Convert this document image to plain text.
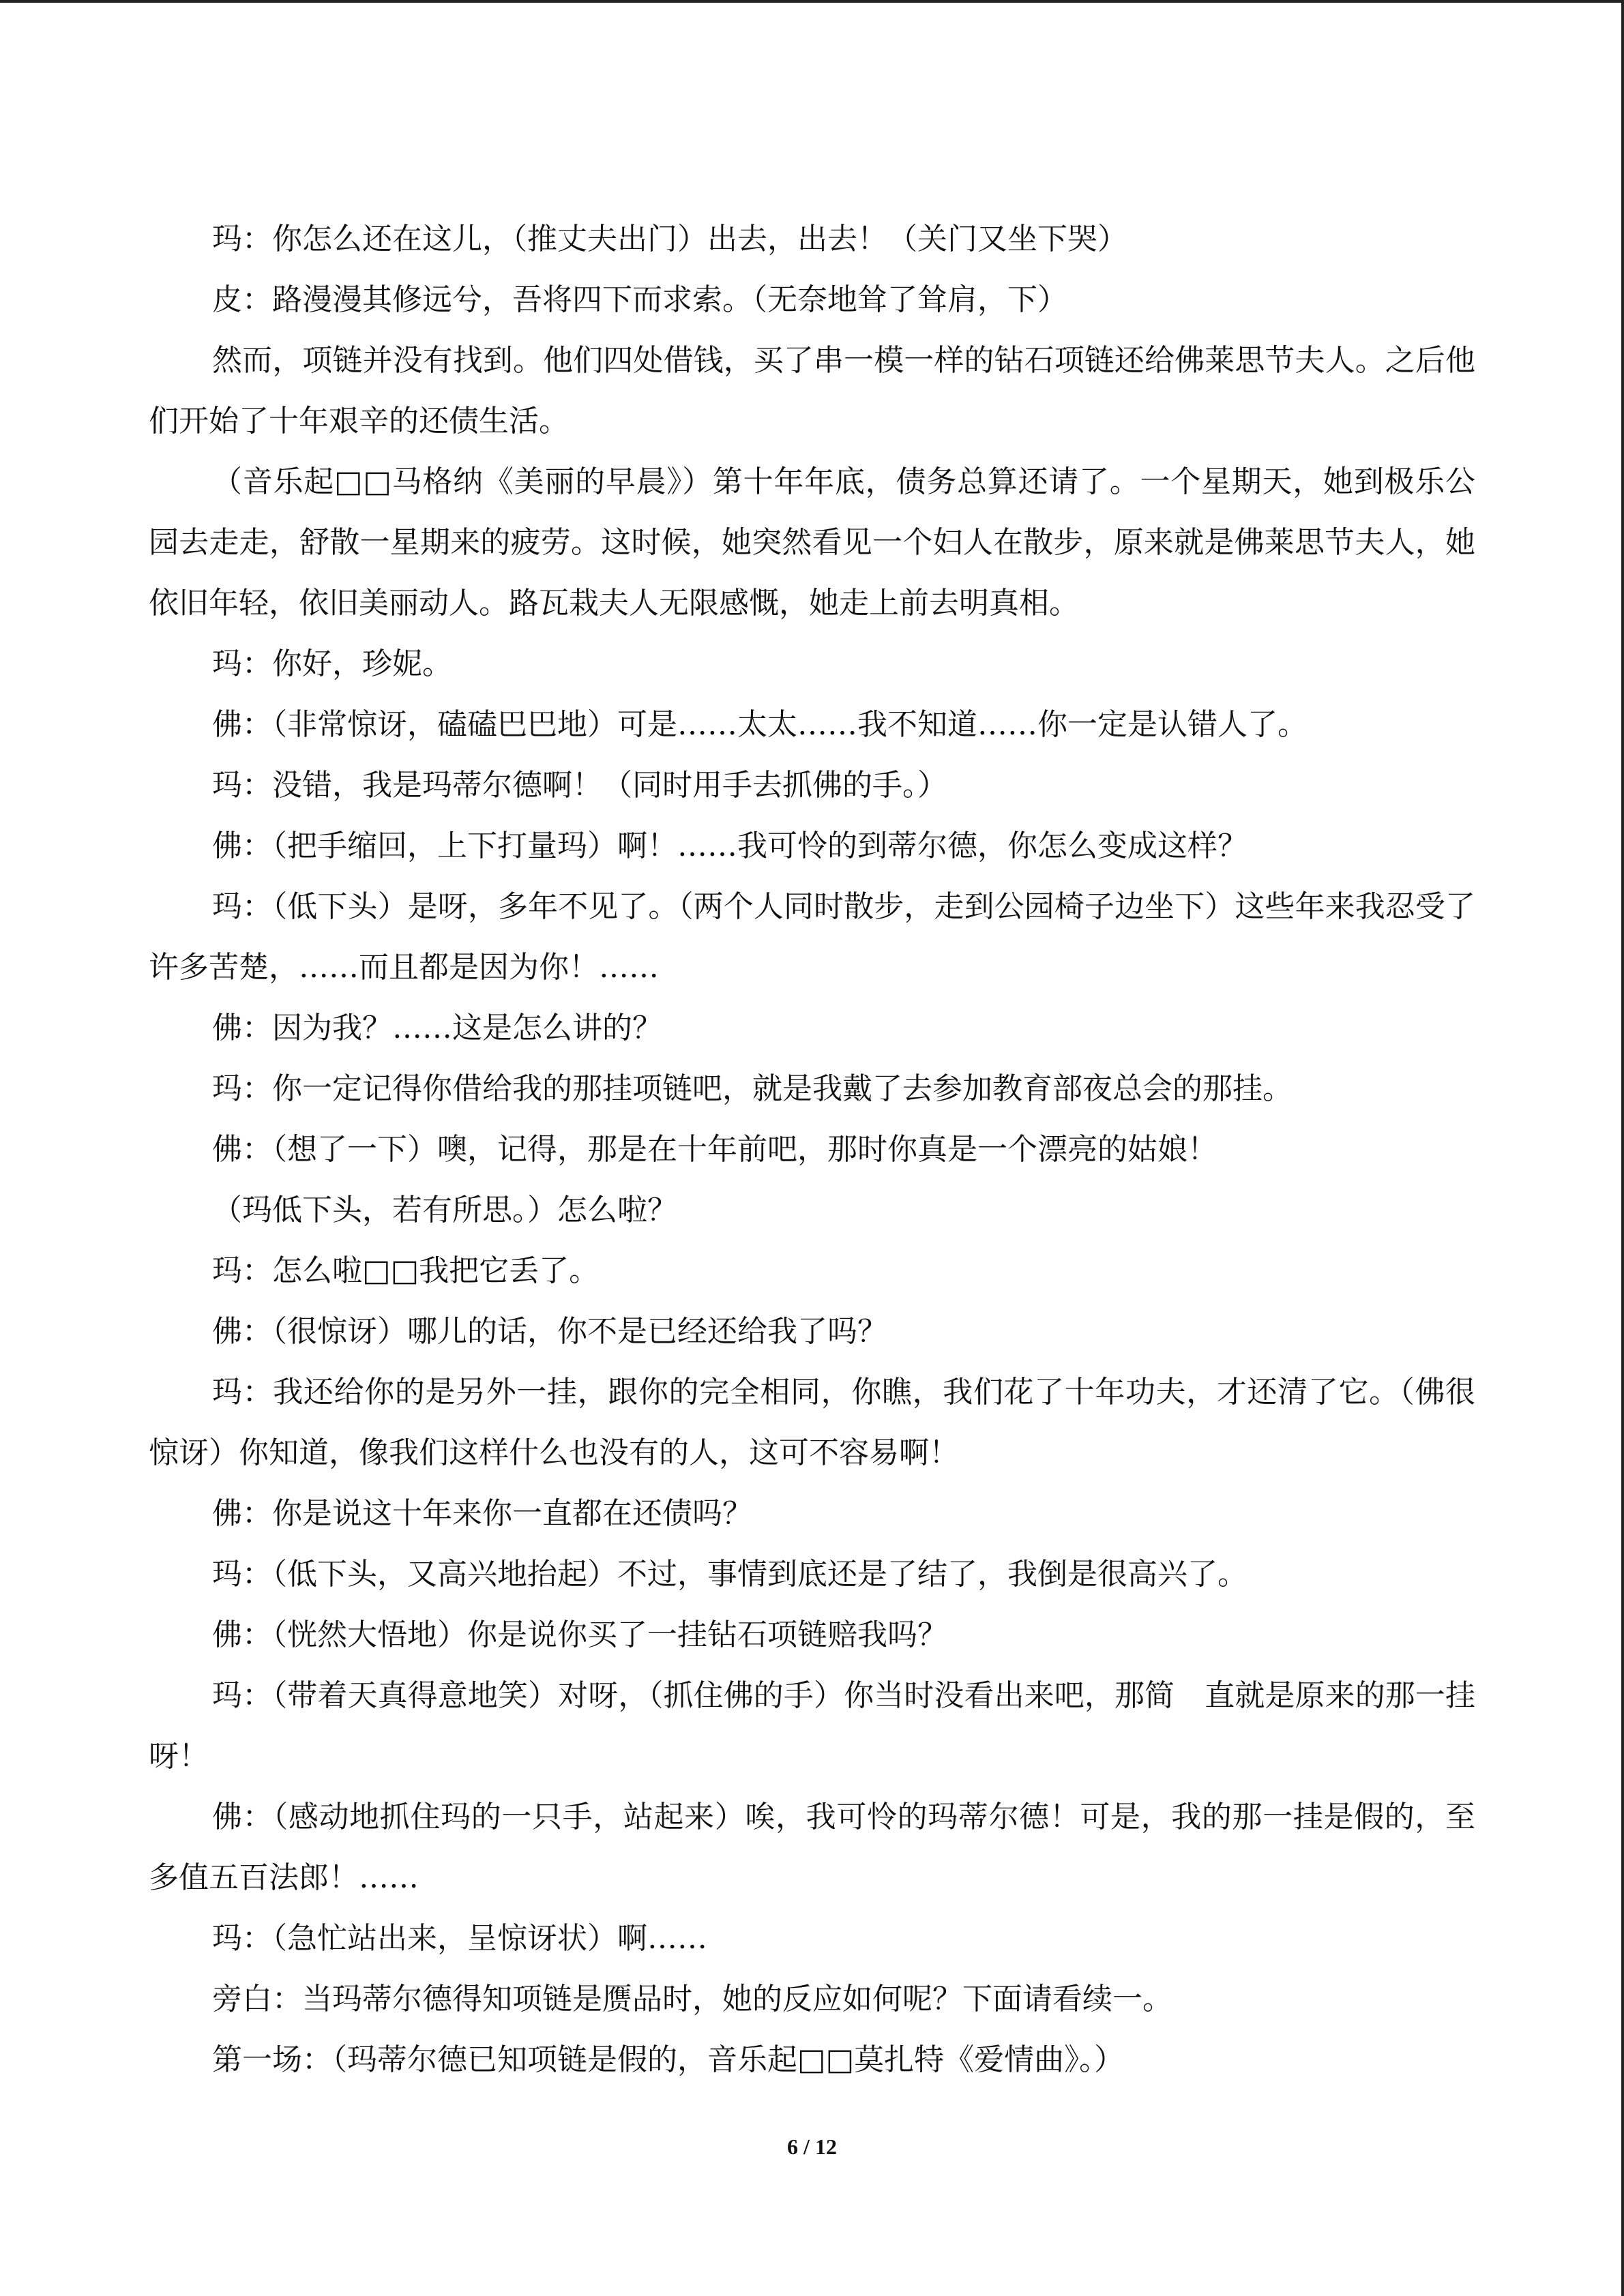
玛：你怎么还在这儿，（推丈夫出门）出去，出去！（关门又坐下哭）

皮：路漫漫其修远兮，吾将四下而求索。（无奈地耸了耸肩，下）

然而，项链并没有找到。他们四处借钱，买了串一模一样的钻石项链还给佛莱思节夫人。之后他们开始了十年艰辛的还债生活。

（音乐起□□马格纳《美丽的早晨》）第十年年底，债务总算还请了。一个星期天，她到极乐公园去走走，舒散一星期来的疲劳。这时候，她突然看见一个妇人在散步，原来就是佛莱思节夫人，她依旧年轻，依旧美丽动人。路瓦栽夫人无限感慨，她走上前去明真相。

玛：你好，珍妮。

佛：（非常惊讶，磕磕巴巴地）可是……太太……我不知道……你一定是认错人了。

玛：没错，我是玛蒂尔德啊！（同时用手去抓佛的手。）

佛：（把手缩回，上下打量玛）啊！……我可怜的到蒂尔德，你怎么变成这样？

玛：（低下头）是呀，多年不见了。（两个人同时散步，走到公园椅子边坐下）这些年来我忍受了许多苦楚，……而且都是因为你！……

佛：因为我？……这是怎么讲的？

玛：你一定记得你借给我的那挂项链吧，就是我戴了去参加教育部夜总会的那挂。

佛：（想了一下）噢，记得，那是在十年前吧，那时你真是一个漂亮的姑娘！

（玛低下头，若有所思。）怎么啦？

玛：怎么啦□□我把它丢了。

佛：（很惊讶）哪儿的话，你不是已经还给我了吗？

玛：我还给你的是另外一挂，跟你的完全相同，你瞧，我们花了十年功夫，才还清了它。（佛很惊讶）你知道，像我们这样什么也没有的人，这可不容易啊！

佛：你是说这十年来你一直都在还债吗？

玛：（低下头，又高兴地抬起）不过，事情到底还是了结了，我倒是很高兴了。

佛：（恍然大悟地）你是说你买了一挂钻石项链赔我吗？

玛：（带着天真得意地笑）对呀，（抓住佛的手）你当时没看出来吧，那简　直就是原来的那一挂呀！

佛：（感动地抓住玛的一只手，站起来）唉，我可怜的玛蒂尔德！可是，我的那一挂是假的，至多值五百法郎！……

玛：（急忙站出来，呈惊讶状）啊……

旁白：当玛蒂尔德得知项链是赝品时，她的反应如何呢？下面请看续一。

第一场：（玛蒂尔德已知项链是假的，音乐起□□莫扎特《爱情曲》。）

6 / 12
